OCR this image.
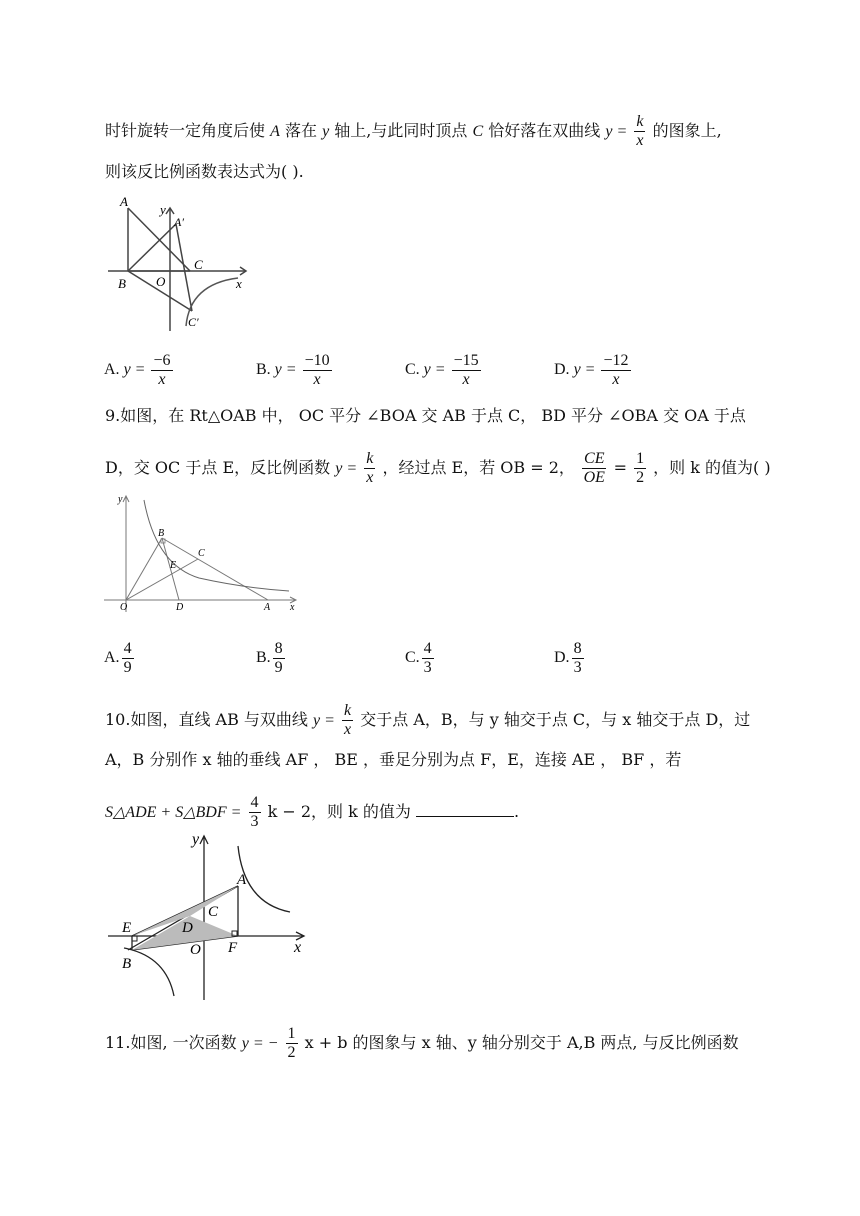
时针旋转一定角度后使 A 落在 y 轴上,与此同时顶点 C 恰好落在双曲线 $y = \frac{k}{x}$ 的图象上,
则该反比例函数表达式为( ).
A
y
A′
C
B O	x
C′
A. $y = \frac{-6}{x}$	B. $y = \frac{-10}{x}$	C. $y = \frac{-15}{x}$	D. $y = \frac{-12}{x}$
9.如图，在 Rt△OAB 中， OC 平分 ∠BOA 交 AB 于点 C， BD 平分 ∠OBA 交 OA 于点
D，交 OC 于点 E，反比例函数 $y = \frac{k}{x}$ ，经过点 E，若 OB = 2， $\frac{CE}{OE} = \frac{1}{2}$ ，则 k 的值为( )
y
B
C
E
O	D	A x
A. $\frac{4}{9}$	B. $\frac{8}{9}$	C. $\frac{4}{3}$	D. $\frac{8}{3}$
10.如图，直线 AB 与双曲线 $y = \frac{k}{x}$ 交于点 A，B，与 y 轴交于点 C，与 x 轴交于点 D，过
A，B 分别作 x 轴的垂线 AF ， BE ，垂足分别为点 F，E，连接 AE ， BF ，若
S△ADE + S△BDF = $\frac{4}{3}$ k − 2，则 k 的值为	.
y
A
C
E	D
O F	x
B
11.如图, 一次函数 y = − $\frac{1}{2}$ x + b 的图象与 x 轴、y 轴分别交于 A,B 两点, 与反比例函数
